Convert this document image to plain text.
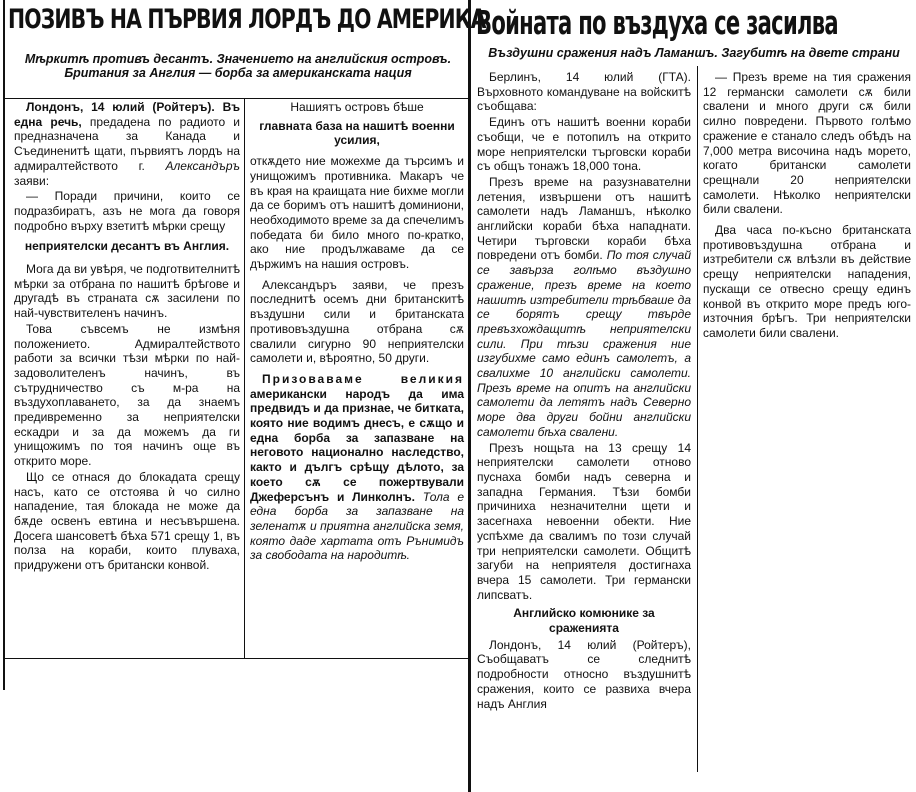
ПОЗИВЪ НА ПЪРВИЯ ЛОРДЪ ДО АМЕРИКА
Мѣркитѣ противъ десантъ. Значението на английския островъ. Британия за Англия — борба за американската нация

Лондонъ, 14 юлий (Ройтеръ). Въ една речь, предадена по радиото и предназначена за Канада и Съединенитѣ щати, първиятъ лордъ на адмиралтейството г. Александъръ заяви:

— Поради причини, които се подразбиратъ, азъ не мога да говоря подробно върху взетитѣ мѣрки срещу

неприятелски десантъ въ Англия.

Мога да ви увѣря, че подготвителнитѣ мѣрки за отбрана по нашитѣ брѣгове и другадѣ въ страната сѫ засилени по най-чувствителенъ начинъ.

Това съвсемъ не измѣня положението. Адмиралтейството работи за всички тѣзи мѣрки по най-задоволителенъ начинъ, въ сътрудничество съ м-ра на въздухоплаването, за да знаемъ предивременно за неприятелски ескадри и за да можемъ да ги унищожимъ по тоя начинъ още въ открито море.

Що се отнася до блокадата срещу насъ, като се отстоява ѝ чо силно нападение, тая блокада не може да бѫде освенъ евтина и несъвършена. Досега шансоветѣ бѣха 571 срещу 1, въ полза на кораби, които плуваха, придружени отъ британски конвой.

Нашиятъ островъ бѣше

главната база на нашитѣ военни усилия,

откѫдето ние можехме да търсимъ и унищожимъ противника. Макаръ че въ края на краищата ние бихме могли да се боримъ отъ нашитѣ доминиони, необходимото време за да спечелимъ победата би било много по-кратко, ако ние продължаваме да се държимъ на нашия островъ.

Александъръ заяви, че презъ последнитѣ осемъ дни британскитѣ въздушни сили и британската противовъздушна отбрана сѫ свалили сигурно 90 неприятелски самолети и, вѣроятно, 50 други.

Призоваваме великия американски народъ да има предвидъ и да признае, че битката, която ние водимъ днесъ, е сѫщо и една борба за запазване на неговото национално наследство, както и дългъ срѣщу дѣлото, за което сѫ се пожертвували Джеферсънъ и Линколнъ. Тола е една борба за запазване на зеленатѫ и приятна английска земя, която даде хартата отъ Рънимидъ за свободата на народитѣ.

Войната по въздуха се засилва
Въздушни сражения надъ Ламаншъ. Загубитѣ на двете страни

Берлинъ, 14 юлий (ГТА). Върховното командуване на войскитѣ съобщава:

Единъ отъ нашитѣ военни кораби съобщи, че е потопилъ на открито море неприятелски търговски кораби съ общъ тонажъ 18,000 тона.

Презъ време на разузнавателни летения, извършени отъ нашитѣ самолети надъ Ламаншъ, нѣколко английски кораби бѣха нападнати. Четири търговски кораби бѣха повредени отъ бомби. По тоя случай се завърза голѣмо въздушно сражение, презъ време на което нашитѣ изтребители трѣбваше да се борятъ срещу твърде превъзхождащитѣ неприятелски сили. При тѣзи сражения ние изгубихме само единъ самолетъ, а свалихме 10 английски самолети. Презъ време на опитъ на английски самолети да летятъ надъ Северно море два други бойни английски самолети бѣха свалени.

Презъ нощьта на 13 срещу 14 неприятелски самолети отново пуснаха бомби надъ северна и западна Германия. Тѣзи бомби причиниха незначителни щети и засегнаха невоенни обекти. Ние успѣхме да свалимъ по този случай три неприятелски самолети. Общитѣ загуби на неприятеля достигнаха вчера 15 самолети. Три германски липсватъ.

Английско комюнике за сраженията

Лондонъ, 14 юлий (Ройтеръ), Съобщаватъ се следнитѣ подробности относно въздушнитѣ сражения, които се развиха вчера надъ Англия

— Презъ време на тия сражения 12 германски самолети сѫ били свалени и много други сѫ били силно повредени. Първото голѣмо сражение е станало следъ обѣдъ на 7,000 метра височина надъ морето, когато британски самолети срещнали 20 неприятелски самолети. Нѣколко неприятелски били свалени.

Два часа по-късно британската противовъздушна отбрана и изтребители сѫ влѣзли въ действие срещу неприятелски нападения, пускащи се отвесно срещу единъ конвой въ открито море предъ юго-източния брѣгъ. Три неприятелски самолети били свалени.
